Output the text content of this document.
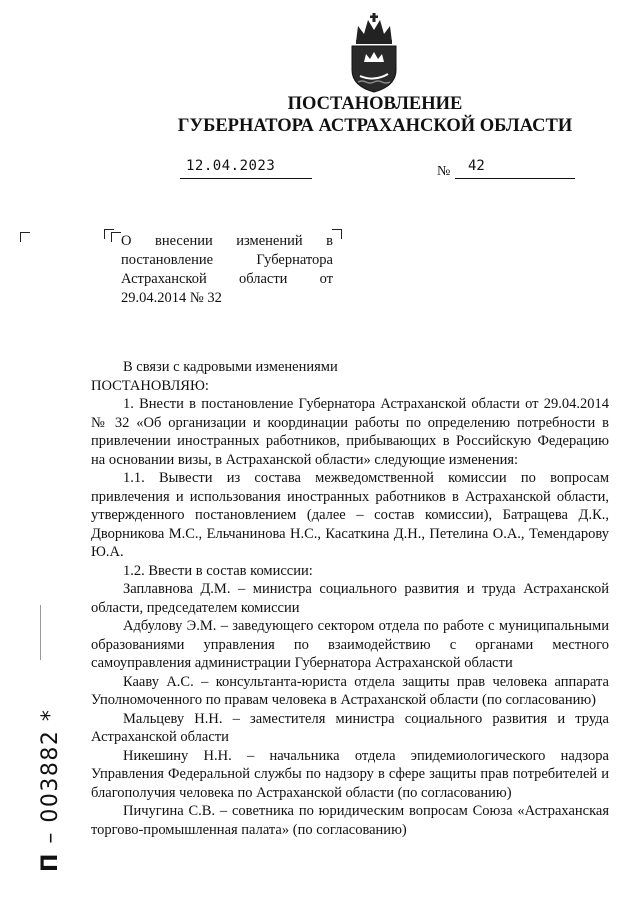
ПОСТАНОВЛЕНИЕ
ГУБЕРНАТОРА АСТРАХАНСКОЙ ОБЛАСТИ
12.04.2023	№ 42
О внесении изменений в постановление Губернатора Астраханской области от 29.04.2014 № 32

В связи с кадровыми изменениями

ПОСТАНОВЛЯЮ:

1. Внести в постановление Губернатора Астраханской области от 29.04.2014 № 32 «Об организации и координации работы по определению потребности в привлечении иностранных работников, прибывающих в Российскую Федерацию на основании визы, в Астраханской области» следующие изменения:

1.1. Вывести из состава межведомственной комиссии по вопросам привлечения и использования иностранных работников в Астраханской области, утвержденного постановлением (далее – состав комиссии), Батращева Д.К., Дворникова М.С., Ельчанинова Н.С., Касаткина Д.Н., Петелина О.А., Темендарову Ю.А.

1.2. Ввести в состав комиссии:

Заплавнова Д.М. – министра социального развития и труда Астраханской области, председателем комиссии

Адбулову Э.М. – заведующего сектором отдела по работе с муниципальными образованиями управления по взаимодействию с органами местного самоуправления администрации Губернатора Астраханской области

Кааву А.С. – консультанта-юриста отдела защиты прав человека аппарата Уполномоченного по правам человека в Астраханской области (по согласованию)

Мальцеву Н.Н. – заместителя министра социального развития и труда Астраханской области

Никешину Н.Н. – начальника отдела эпидемиологического надзора Управления Федеральной службы по надзору в сфере защиты прав потребителей и благополучия человека по Астраханской области (по согласованию)

Пичугина С.В. – советника по юридическим вопросам Союза «Астраханская торгово-промышленная палата» (по согласованию)

П – 003882 *
